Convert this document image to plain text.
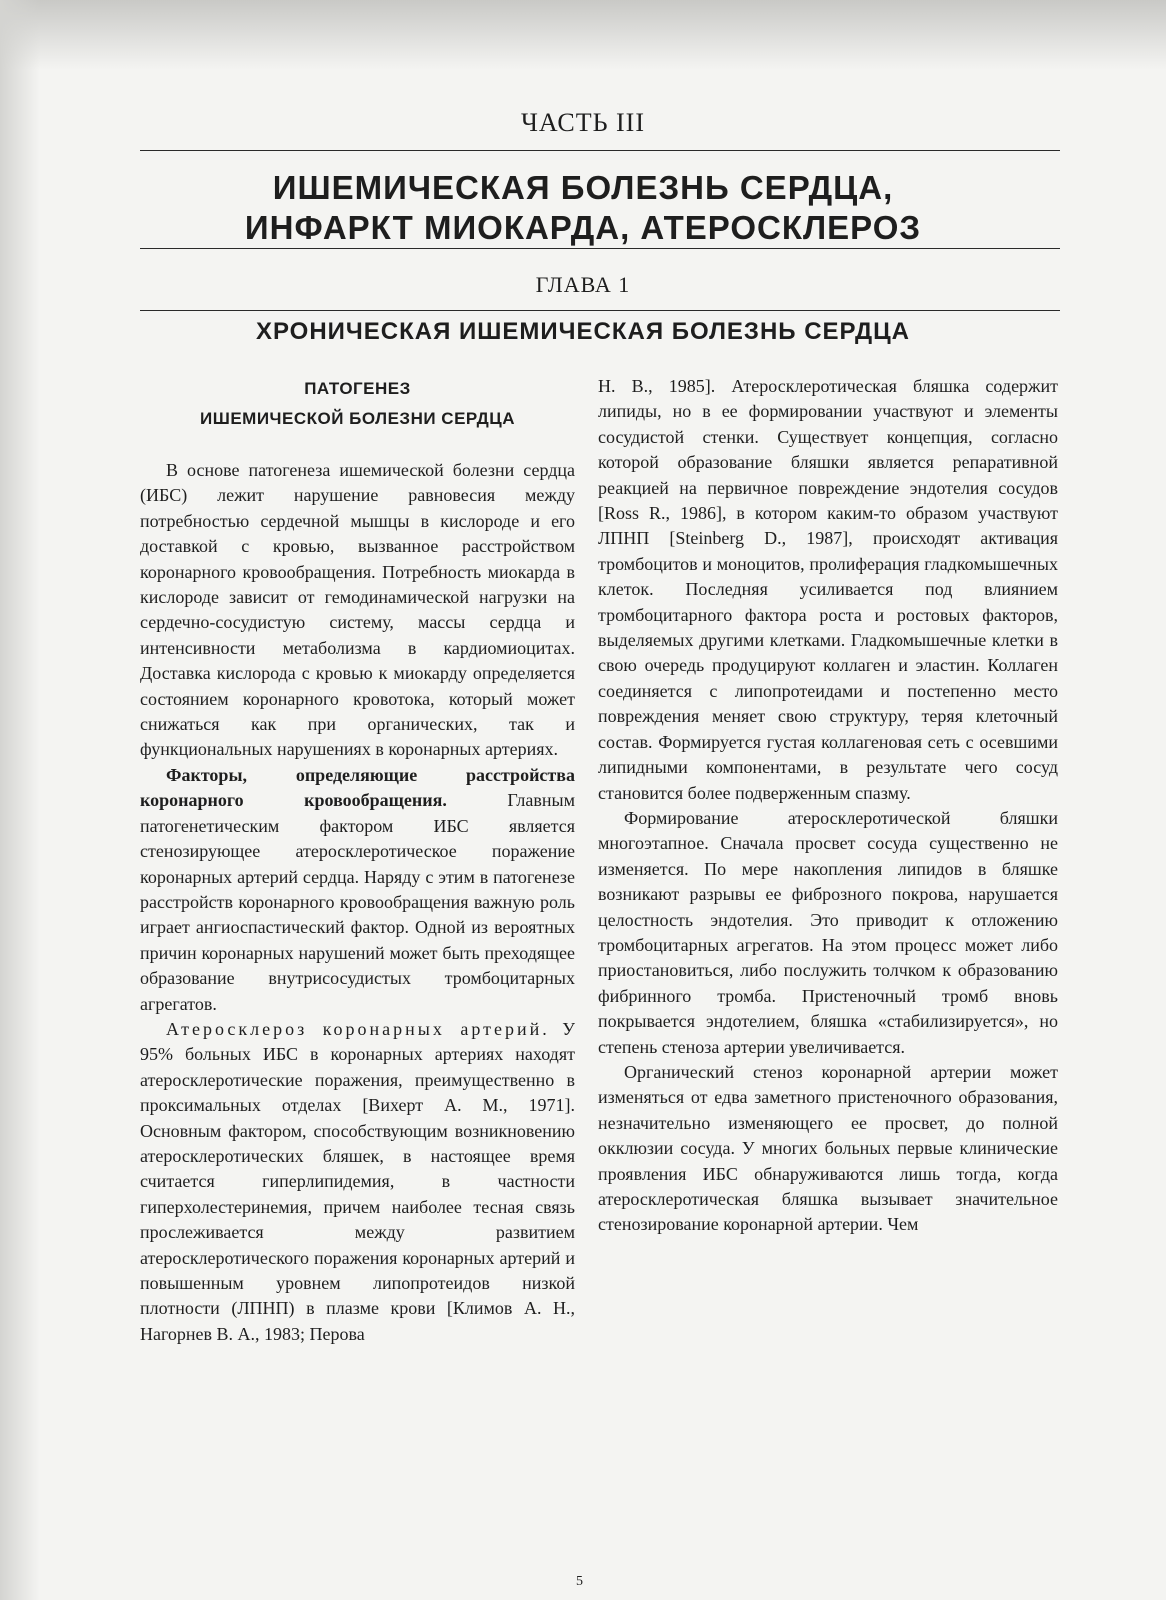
ЧАСТЬ III
ИШЕМИЧЕСКАЯ БОЛЕЗНЬ СЕРДЦА,
ИНФАРКТ МИОКАРДА, АТЕРОСКЛЕРОЗ
ГЛАВА 1
ХРОНИЧЕСКАЯ ИШЕМИЧЕСКАЯ БОЛЕЗНЬ СЕРДЦА
ПАТОГЕНЕЗ
ИШЕМИЧЕСКОЙ БОЛЕЗНИ СЕРДЦА

В основе патогенеза ишемической болезни сердца (ИБС) лежит нарушение равновесия между потребностью сердечной мышцы в кислороде и его доставкой с кровью, вызванное расстройством коронарного кровообращения. Потребность миокарда в кислороде зависит от гемодинамической нагрузки на сердечно-сосудистую систему, массы сердца и интенсивности метаболизма в кардиомиоцитах. Доставка кислорода с кровью к миокарду определяется состоянием коронарного кровотока, который может снижаться как при органических, так и функциональных нарушениях в коронарных артериях.

Факторы, определяющие расстройства коронарного кровообращения. Главным патогенетическим фактором ИБС является стенозирующее атеросклеротическое поражение коронарных артерий сердца. Наряду с этим в патогенезе расстройств коронарного кровообращения важную роль играет ангиоспастический фактор. Одной из вероятных причин коронарных нарушений может быть преходящее образование внутрисосудистых тромбоцитарных агрегатов.

Атеросклероз коронарных артерий. У 95% больных ИБС в коронарных артериях находят атеросклеротические поражения, преимущественно в проксимальных отделах [Вихерт А. М., 1971]. Основным фактором, способствующим возникновению атеросклеротических бляшек, в настоящее время считается гиперлипидемия, в частности гиперхолестеринемия, причем наиболее тесная связь прослеживается между развитием атеросклеротического поражения коронарных артерий и повышенным уровнем липопротеидов низкой плотности (ЛПНП) в плазме крови [Климов А. Н., Нагорнев В. А., 1983; Перова

Н. В., 1985]. Атеросклеротическая бляшка содержит липиды, но в ее формировании участвуют и элементы сосудистой стенки. Существует концепция, согласно которой образование бляшки является репаративной реакцией на первичное повреждение эндотелия сосудов [Ross R., 1986], в котором каким-то образом участвуют ЛПНП [Steinberg D., 1987], происходят активация тромбоцитов и моноцитов, пролиферация гладкомышечных клеток. Последняя усиливается под влиянием тромбоцитарного фактора роста и ростовых факторов, выделяемых другими клетками. Гладкомышечные клетки в свою очередь продуцируют коллаген и эластин. Коллаген соединяется с липопротеидами и постепенно место повреждения меняет свою структуру, теряя клеточный состав. Формируется густая коллагеновая сеть с осевшими липидными компонентами, в результате чего сосуд становится более подверженным спазму.

Формирование атеросклеротической бляшки многоэтапное. Сначала просвет сосуда существенно не изменяется. По мере накопления липидов в бляшке возникают разрывы ее фиброзного покрова, нарушается целостность эндотелия. Это приводит к отложению тромбоцитарных агрегатов. На этом процесс может либо приостановиться, либо послужить толчком к образованию фибринного тромба. Пристеночный тромб вновь покрывается эндотелием, бляшка «стабилизируется», но степень стеноза артерии увеличивается.

Органический стеноз коронарной артерии может изменяться от едва заметного пристеночного образования, незначительно изменяющего ее просвет, до полной окклюзии сосуда. У многих больных первые клинические проявления ИБС обнаруживаются лишь тогда, когда атеросклеротическая бляшка вызывает значительное стенозирование коронарной артерии. Чем

5
